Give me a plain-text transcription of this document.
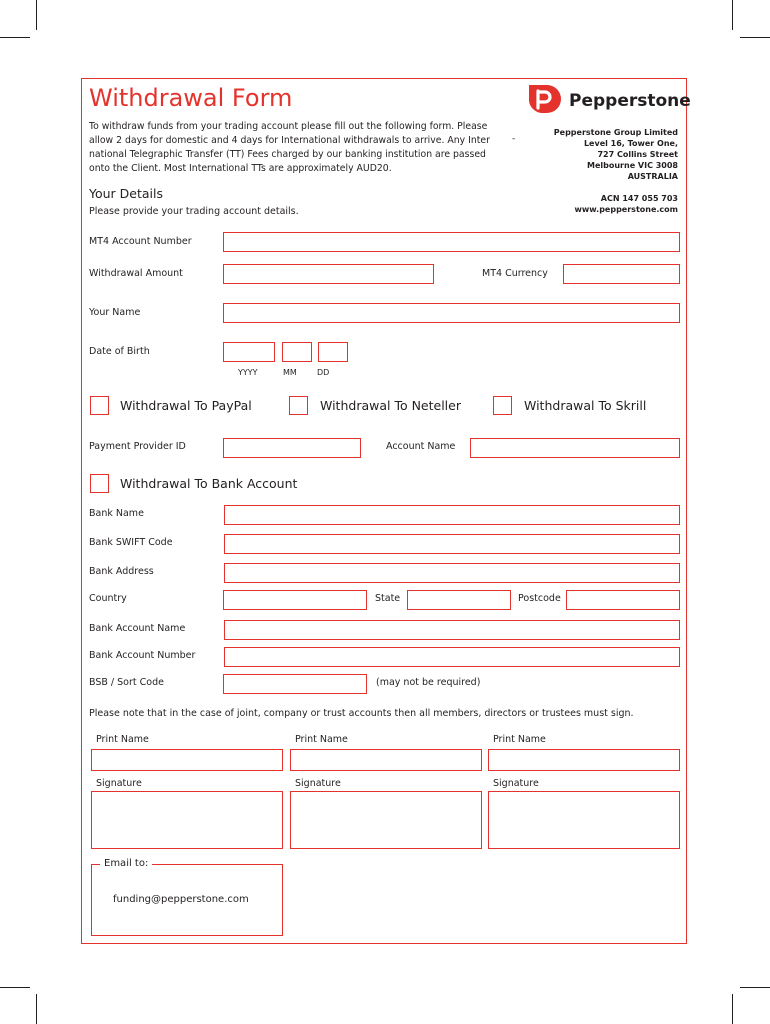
Withdrawal Form
To withdraw funds from your trading account please fill out the following form. Please allow 2 days for domestic and 4 days for International withdrawals to arrive. Any Inter national Telegraphic Transfer (TT) Fees charged by our banking institution are passed onto the Client. Most International TTs are approximately AUD20.
-
Pepperstone
Pepperstone Group Limited
Level 16, Tower One,
727 Collins Street
Melbourne VIC 3008
AUSTRALIA
ACN 147 055 703
www.pepperstone.com
Your Details
Please provide your trading account details.
MT4 Account Number
Withdrawal Amount	MT4 Currency
Your Name
Date of Birth
YYYY	MM	DD
Withdrawal To PayPal	Withdrawal To Neteller	Withdrawal To Skrill
Payment Provider ID	Account Name
Withdrawal To Bank Account
Bank Name
Bank SWIFT Code
Bank Address
Country	State	Postcode
Bank Account Name
Bank Account Number
BSB / Sort Code	(may not be required)
Please note that in the case of joint, company or trust accounts then all members, directors or trustees must sign.
Print Name	Print Name	Print Name
Signature	Signature	Signature
Email to:
funding@pepperstone.com
